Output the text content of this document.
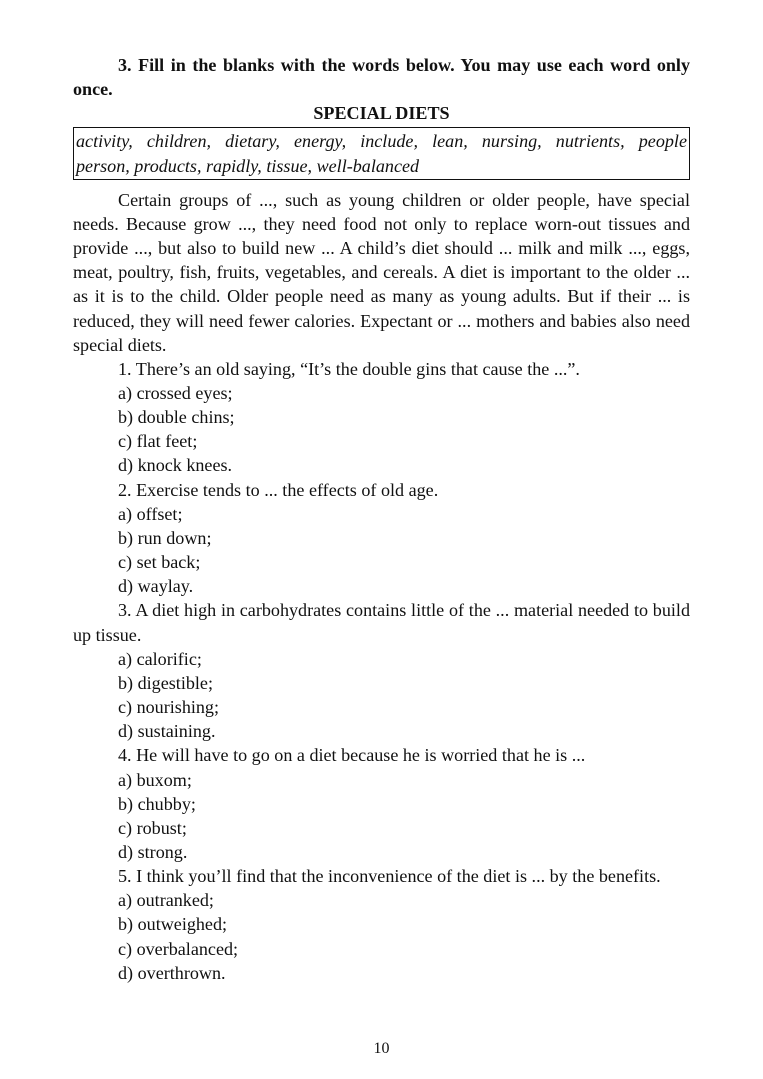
3. Fill in the blanks with the words below. You may use each word only once.

SPECIAL DIETS

activity, children, dietary, energy, include, lean, nursing, nutrients, people
person, products, rapidly, tissue, well-balanced

Certain groups of ..., such as young children or older people, have special needs. Because grow ..., they need food not only to replace worn-out tissues and provide ..., but also to build new ... A child’s diet should ... milk and milk ..., eggs, meat, poultry, fish, fruits, vegetables, and cereals. A diet is important to the older ... as it is to the child. Older people need as many as young adults. But if their ... is reduced, they will need fewer calories. Expectant or ... mothers and babies also need special diets.

1. There’s an old saying, “It’s the double gins that cause the ...”.

a) crossed eyes;

b) double chins;

c) flat feet;

d) knock knees.

2. Exercise tends to ... the effects of old age.

a) offset;

b) run down;

c) set back;

d) waylay.

3. A diet high in carbohydrates contains little of the ... material needed to build up tissue.

a) calorific;

b) digestible;

c) nourishing;

d) sustaining.

4. He will have to go on a diet because he is worried that he is ...

a) buxom;

b) chubby;

c) robust;

d) strong.

5. I think you’ll find that the inconvenience of the diet is ... by the benefits.

a) outranked;

b) outweighed;

c) overbalanced;

d) overthrown.

10
